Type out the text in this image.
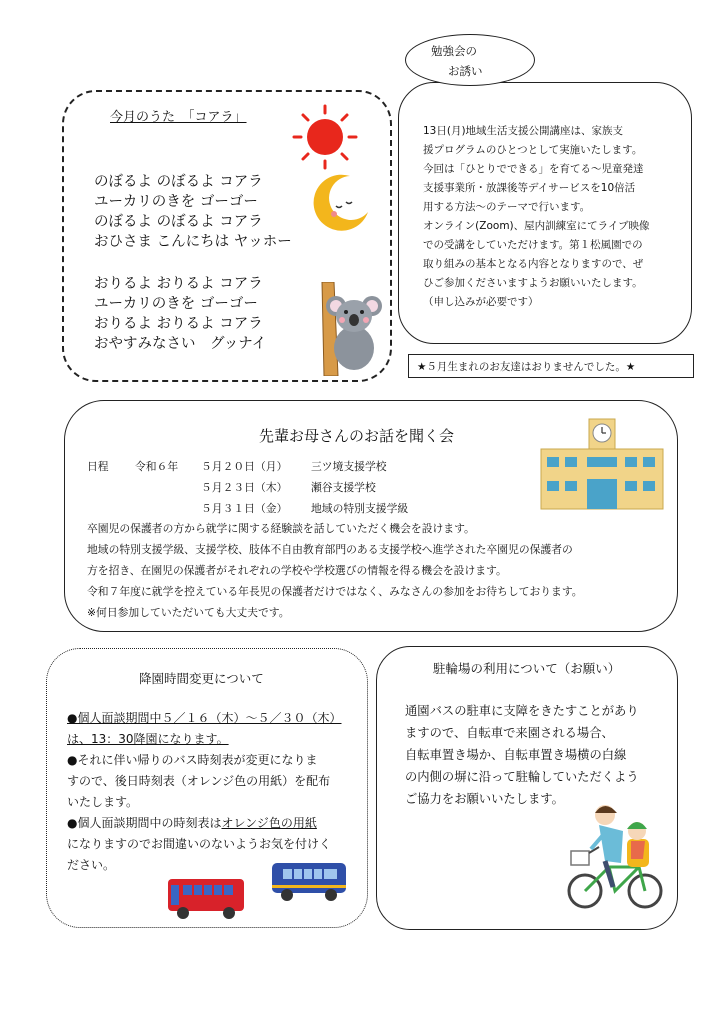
今月のうた　「コアラ」
のぼるよ のぼるよ コアラ
ユーカリのきを ゴーゴー
のぼるよ のぼるよ コアラ
おひさま こんにちは ヤッホー
おりるよ おりるよ コアラ
ユーカリのきを ゴーゴー
おりるよ おりるよ コアラ
おやすみなさい　グッナイ
勉強会の
お誘い
13日(月)地域生活支援公開講座は、家族支
援プログラムのひとつとして実施いたします。
今回は「ひとりでできる」を育てる～児童発達
支援事業所・放課後等デイサービスを10倍活
用する方法～のテーマで行います。
オンライン(Zoom)、屋内訓練室にてライブ映像
での受講をしていただけます。第１松風園での
取り組みの基本となる内容となりますので、ぜ
ひご参加くださいますようお願いいたします。
（申し込みが必要です）
★５月生まれのお友達はおりませんでした。★
先輩お母さんのお話を聞く会
日程 令和６年 ５月２０日（月） 三ツ境支援学校
５月２３日（木） 瀬谷支援学校
５月３１日（金） 地域の特別支援学級
卒園児の保護者の方から就学に関する経験談を話していただく機会を設けます。
地域の特別支援学級、支援学校、肢体不自由教育部門のある支援学校へ進学された卒園児の保護者の
方を招き、在園児の保護者がそれぞれの学校や学校選びの情報を得る機会を設けます。
令和７年度に就学を控えている年長児の保護者だけではなく、みなさんの参加をお待ちしております。
※何日参加していただいても大丈夫です。
降園時間変更について
●個人面談期間中５／１６（木）～５／３０（木）
は、13：30降園になります。
●それに伴い帰りのバス時刻表が変更になりま
すので、後日時刻表（オレンジ色の用紙）を配布
いたします。
●個人面談期間中の時刻表はオレンジ色の用紙
になりますのでお間違いのないようお気を付けく
ださい。
駐輪場の利用について（お願い）
通園バスの駐車に支障をきたすことがあり
ますので、自転車で来園される場合、
自転車置き場か、自転車置き場横の白線
の内側の塀に沿って駐輪していただくよう
ご協力をお願いいたします。
